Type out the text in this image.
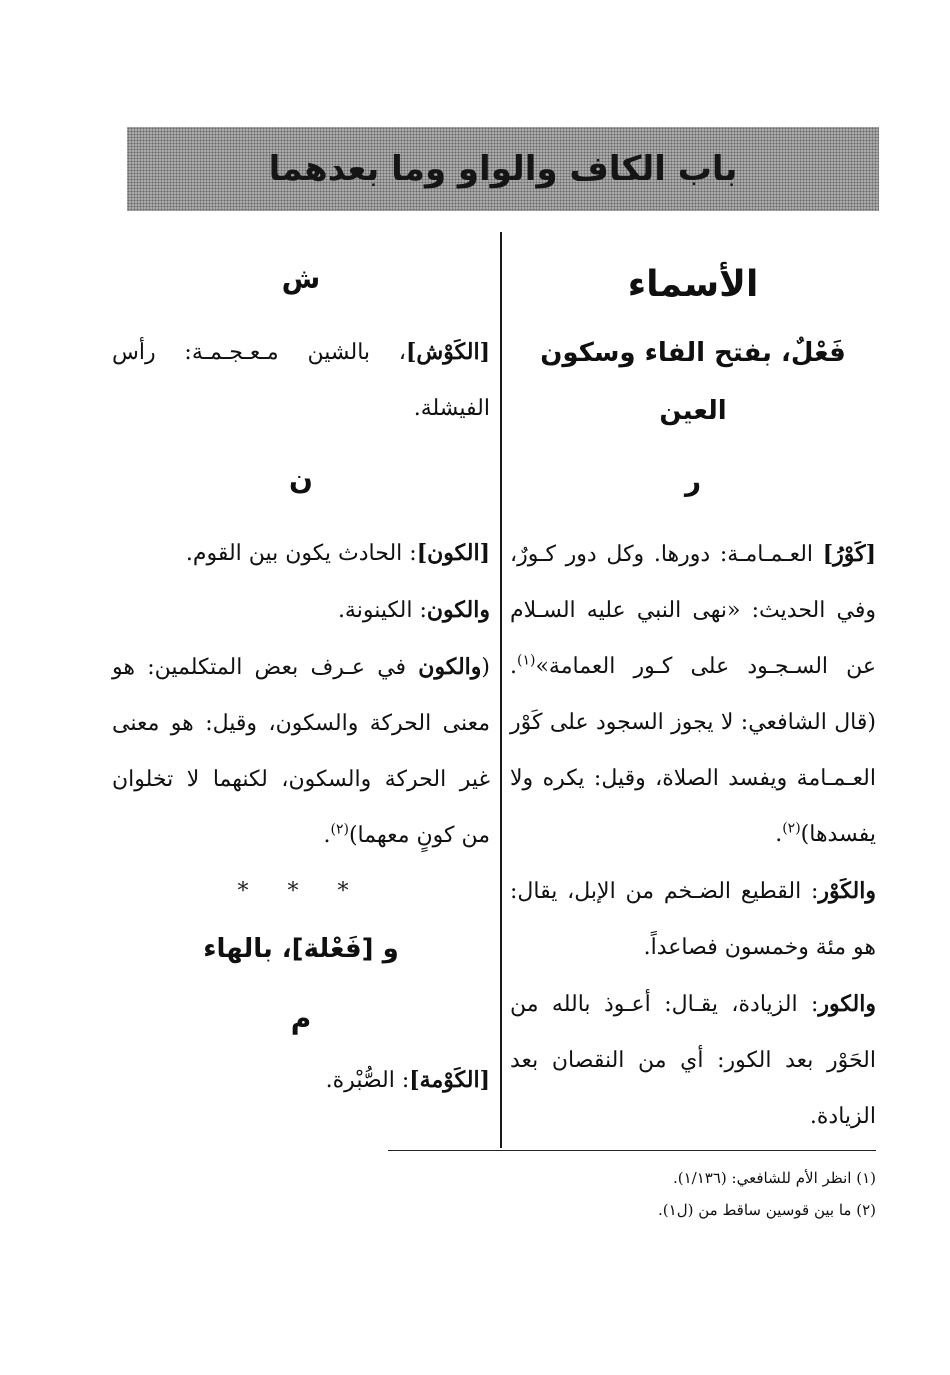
باب الكاف والواو وما بعدهما
الأسماء
فَعْلٌ، بفتح الفاء وسكون العين
ر

[كَوْرُ] العـمـامـة: دورها. وكل دور كـورٌ، وفي الحديث: «نهى النبي عليه السـلام عن السـجـود على كـور العمامة»$^{(١)}$. (قال الشافعي: لا يجوز السجود على كَوْر العـمـامة ويفسد الصلاة، وقيل: يكره ولا يفسدها)$^{(٢)}$.

والكَوْر: القطيع الضـخم من الإبل، يقال: هو مئة وخمسون فصاعداً.

والكور: الزيادة، يقـال: أعـوذ بالله من الحَوْر بعد الكور: أي من النقصان بعد الزيادة.

ش

[الكَوْش]، بالشين مـعـجـمـة: رأس الفيشلة.

ن

[الكون]: الحادث يكون بين القوم.

والكون: الكينونة.

(والكون في عـرف بعض المتكلمين: هو معنى الحركة والسكون، وقيل: هو معنى غير الحركة والسكون، لكنهما لا تخلوان من كونٍ معهما)$^{(٢)}$.

* * *
و [فَعْلة]، بالهاء
م

[الكَوْمة]: الصُّبْرة.

(١) انظر الأم للشافعي: (١/١٣٦).

(٢) ما بين قوسين ساقط من (ل١).
